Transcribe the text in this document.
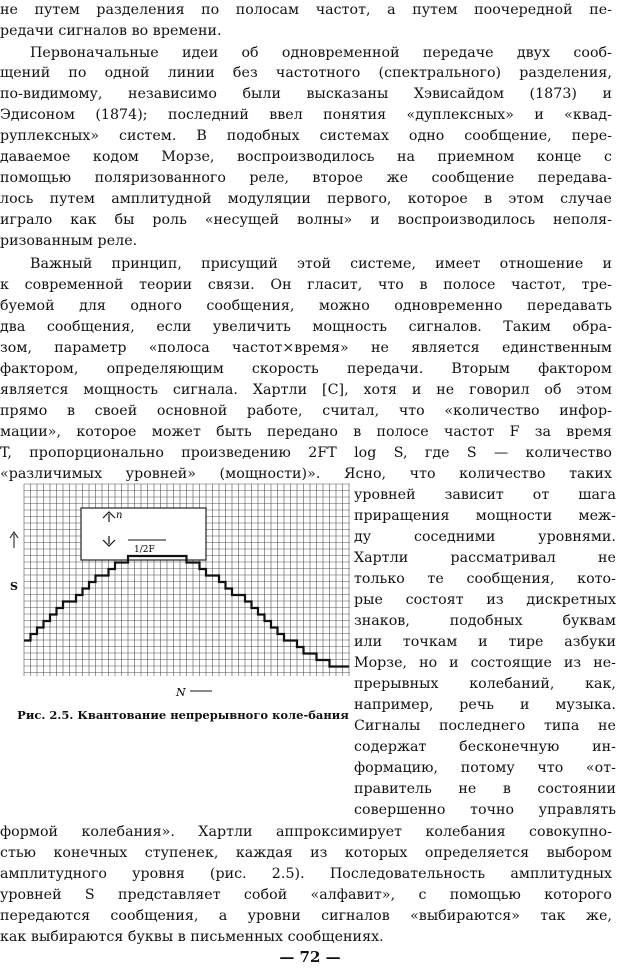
не путем разделения по полосам частот, а путем поочередной пе-
редачи сигналов во времени.
Первоначальные идеи об одновременной передаче двух сооб-
щений по одной линии без частотного (спектрального) разделения,
по-видимому, независимо были высказаны Хэвисайдом (1873) и
Эдисоном (1874); последний ввел понятия «дуплексных» и «квад-
руплексных» систем. В подобных системах одно сообщение, пере-
даваемое кодом Морзе, воспроизводилось на приемном конце с
помощью поляризованного реле, второе же сообщение передава-
лось путем амплитудной модуляции первого, которое в этом случае
играло как бы роль «несущей волны» и воспроизводилось неполя-
ризованным реле.
Важный принцип, присущий этой системе, имеет отношение и
к современной теории связи. Он гласит, что в полосе частот, тре-
буемой для одного сообщения, можно одновременно передавать
два сообщения, если увеличить мощность сигналов. Таким обра-
зом, параметр «полоса частот×время» не является единственным
фактором, определяющим скорость передачи. Вторым фактором
является мощность сигнала. Хартли [С], хотя и не говорил об этом
прямо в своей основной работе, считал, что «количество инфор-
мации», которое может быть передано в полосе частот F за время
T, пропорционально произведению 2FT log S, где S — количество
«различимых уровней» (мощности)». Ясно, что количество таких
уровней зависит от шага
приращения мощности меж-
ду соседними уровнями.
Хартли рассматривал не
только те сообщения, кото-
рые состоят из дискретных
знаков, подобных буквам
или точкам и тире азбуки
Морзе, но и состоящие из не-
прерывных колебаний, как,
например, речь и музыка.
Сигналы последнего типа не
содержат бесконечную ин-
формацию, потому что «от-
правитель не в состоянии
совершенно точно управлять
формой колебания». Хартли аппроксимирует колебания совокупно-
стью конечных ступенек, каждая из которых определяется выбором
амплитудного уровня (рис. 2.5). Последовательность амплитудных
уровней S представляет собой «алфавит», с помощью которого
передаются сообщения, а уровни сигналов «выбираются» так же,
как выбираются буквы в письменных сообщениях.
n
1/2F
S
N
Рис. 2.5. Квантование непрерывного коле-бания
— 72 —
